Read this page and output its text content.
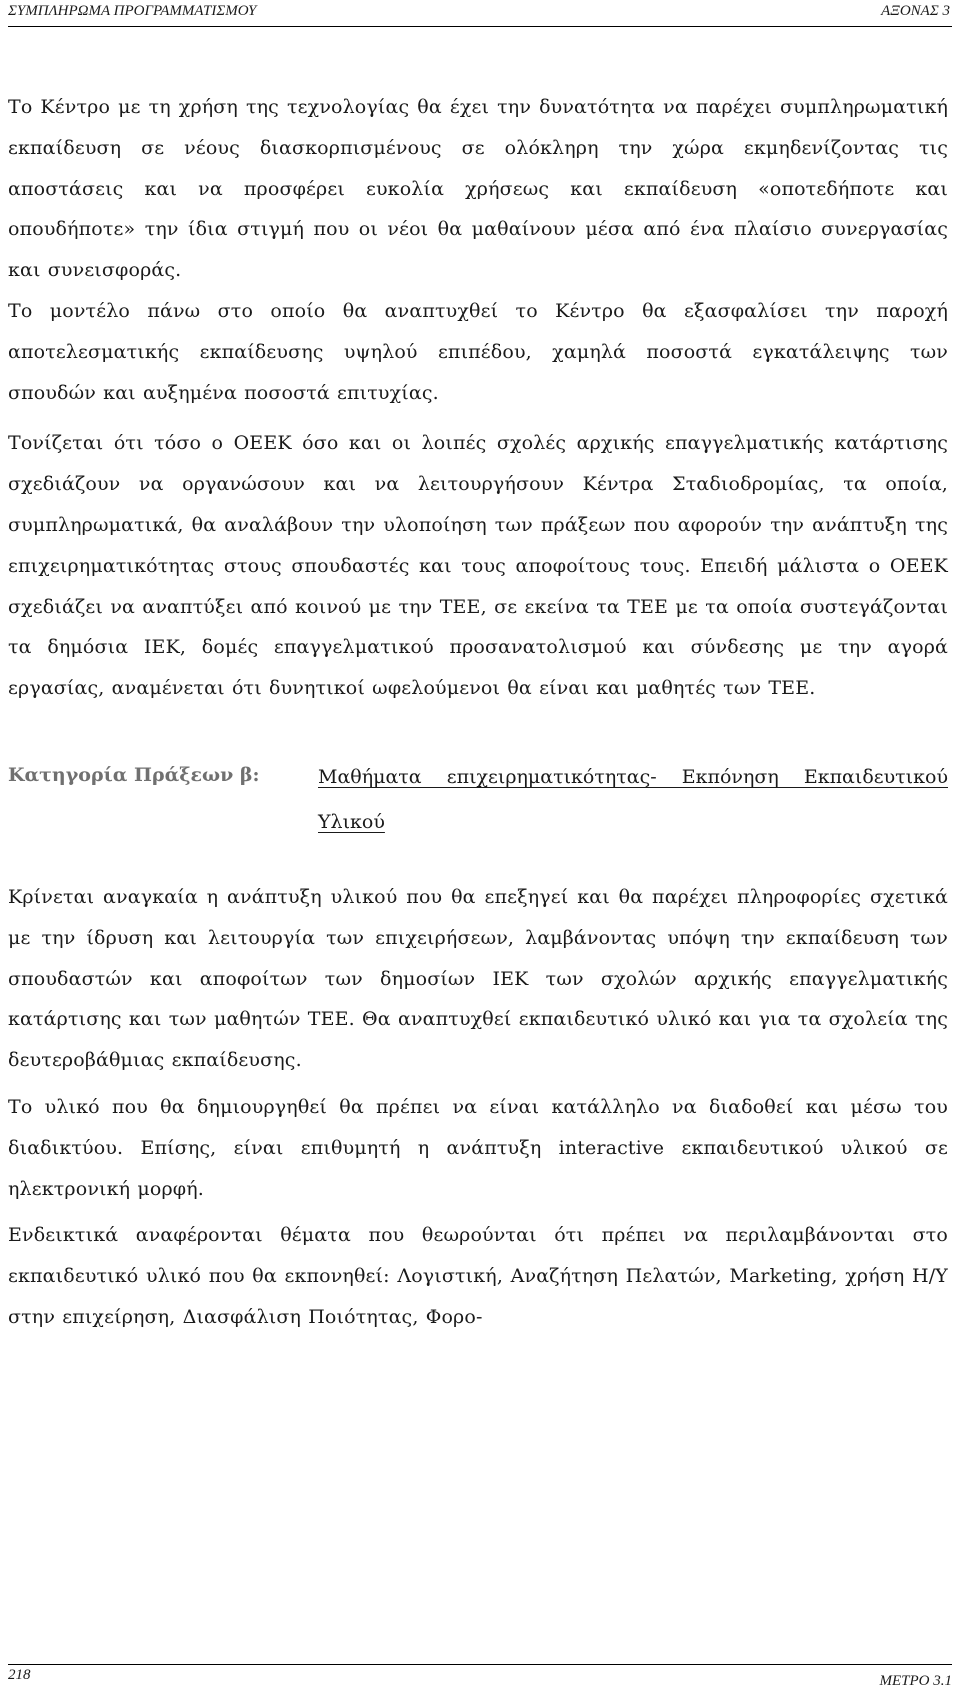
ΣΥΜΠΛΗΡΩΜΑ ΠΡΟΓΡΑΜΜΑΤΙΣΜΟΥ	ΑΞΟΝΑΣ 3

Το Κέντρο με τη χρήση της τεχνολογίας θα έχει την δυνατότητα να παρέχει συμπληρωματική εκπαίδευση σε νέους διασκορπισμένους σε ολόκληρη την χώρα εκμηδενίζοντας τις αποστάσεις και να προσφέρει ευκολία χρήσεως και εκπαίδευση «οποτεδήποτε και οπουδήποτε» την ίδια στιγμή που οι νέοι θα μαθαίνουν μέσα από ένα πλαίσιο συνεργασίας και συνεισφοράς.

Το μοντέλο πάνω στο οποίο θα αναπτυχθεί το Κέντρο θα εξασφαλίσει την παροχή αποτελεσματικής εκπαίδευσης υψηλού επιπέδου, χαμηλά ποσοστά εγκατάλειψης των σπουδών και αυξημένα ποσοστά επιτυχίας.

Τονίζεται ότι τόσο ο ΟΕΕΚ όσο και οι λοιπές σχολές αρχικής επαγγελματικής κατάρτισης σχεδιάζουν να οργανώσουν και να λειτουργήσουν Κέντρα Σταδιοδρομίας, τα οποία, συμπληρωματικά, θα αναλάβουν την υλοποίηση των πράξεων που αφορούν την ανάπτυξη της επιχειρηματικότητας στους σπουδαστές και τους αποφοίτους τους. Επειδή μάλιστα ο ΟΕΕΚ σχεδιάζει να αναπτύξει από κοινού με την ΤΕΕ, σε εκείνα τα ΤΕΕ με τα οποία συστεγάζονται τα δημόσια ΙΕΚ, δομές επαγγελματικού προσανατολισμού και σύνδεσης με την αγορά εργασίας, αναμένεται ότι δυνητικοί ωφελούμενοι θα είναι και μαθητές των ΤΕΕ.

Κατηγορία Πράξεων β:	Μαθήματα επιχειρηματικότητας- Εκπόνηση Εκπαιδευτικού Υλικού

Κρίνεται αναγκαία η ανάπτυξη υλικού που θα επεξηγεί και θα παρέχει πληροφορίες σχετικά με την ίδρυση και λειτουργία των επιχειρήσεων, λαμβάνοντας υπόψη την εκπαίδευση των σπουδαστών και αποφοίτων των δημοσίων ΙΕΚ των σχολών αρχικής επαγγελματικής κατάρτισης και των μαθητών ΤΕΕ. Θα αναπτυχθεί εκπαιδευτικό υλικό και για τα σχολεία της δευτεροβάθμιας εκπαίδευσης.

Το υλικό που θα δημιουργηθεί θα πρέπει να είναι κατάλληλο να διαδοθεί και μέσω του διαδικτύου. Επίσης, είναι επιθυμητή η ανάπτυξη interactive εκπαιδευτικού υλικού σε ηλεκτρονική μορφή.

Ενδεικτικά αναφέρονται θέματα που θεωρούνται ότι πρέπει να περιλαμβάνονται στο εκπαιδευτικό υλικό που θα εκπονηθεί: Λογιστική, Αναζήτηση Πελατών, Marketing, χρήση Η/Υ στην επιχείρηση, Διασφάλιση Ποιότητας, Φορο-

218	ΜΕΤΡΟ 3.1
